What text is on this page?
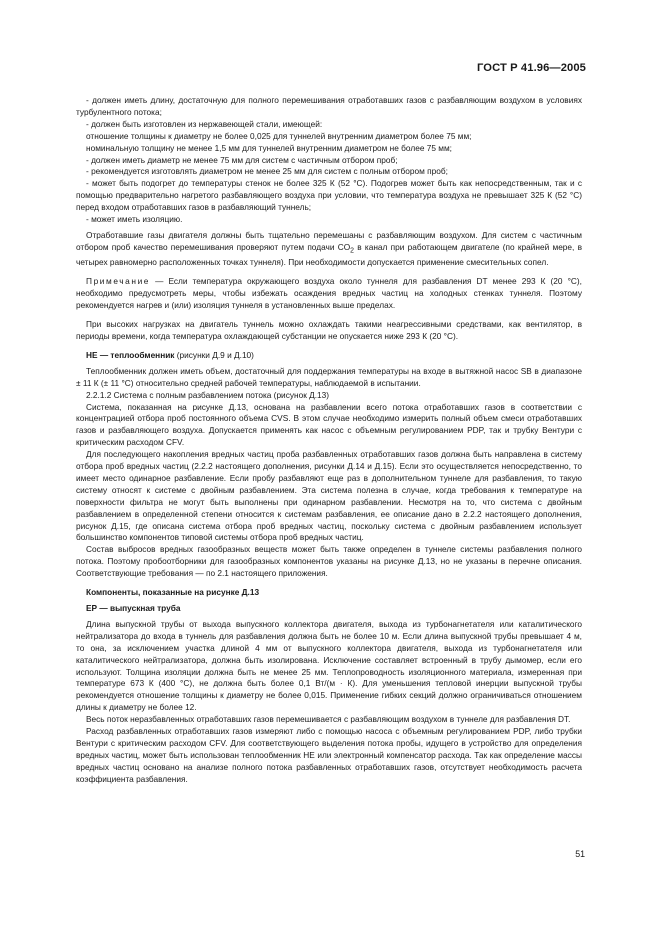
ГОСТ Р 41.96—2005

- должен иметь длину, достаточную для полного перемешивания отработавших газов с разбавляющим воздухом в условиях турбулентного потока;

- должен быть изготовлен из нержавеющей стали, имеющей:

отношение толщины к диаметру не более 0,025 для туннелей внутренним диаметром более 75 мм;

номинальную толщину не менее 1,5 мм для туннелей внутренним диаметром не более 75 мм;

- должен иметь диаметр не менее 75 мм для систем с частичным отбором проб;

- рекомендуется изготовлять диаметром не менее 25 мм для систем с полным отбором проб;

- может быть подогрет до температуры стенок не более 325 К (52 °С). Подогрев может быть как непосредственным, так и с помощью предварительно нагретого разбавляющего воздуха при условии, что температура воздуха не превышает 325 К (52 °С) перед входом отработавших газов в разбавляющий туннель;

- может иметь изоляцию.

Отработавшие газы двигателя должны быть тщательно перемешаны с разбавляющим воздухом. Для систем с частичным отбором проб качество перемешивания проверяют путем подачи $CO_2$ в канал при работающем двигателе (по крайней мере, в четырех равномерно расположенных точках туннеля). При необходимости допускается применение смесительных сопел.

Примечание — Если температура окружающего воздуха около туннеля для разбавления DT менее 293 К (20 °С), необходимо предусмотреть меры, чтобы избежать осаждения вредных частиц на холодных стенках туннеля. Поэтому рекомендуется нагрев и (или) изоляция туннеля в установленных выше пределах.

При высоких нагрузках на двигатель туннель можно охлаждать такими неагрессивными средствами, как вентилятор, в периоды времени, когда температура охлаждающей субстанции не опускается ниже 293 К (20 °С).

HE — теплообменник (рисунки Д.9 и Д.10)

Теплообменник должен иметь объем, достаточный для поддержания температуры на входе в вытяжной насос SB в диапазоне ± 11 К (± 11 °С) относительно средней рабочей температуры, наблюдаемой в испытании.

2.2.1.2 Система с полным разбавлением потока (рисунок Д.13)

Система, показанная на рисунке Д.13, основана на разбавлении всего потока отработавших газов в соответствии с концентрацией отбора проб постоянного объема CVS. В этом случае необходимо измерить полный объем смеси отработавших газов и разбавляющего воздуха. Допускается применять как насос с объемным регулированием PDP, так и трубку Вентури с критическим расходом CFV.

Для последующего накопления вредных частиц проба разбавленных отработавших газов должна быть направлена в систему отбора проб вредных частиц (2.2.2 настоящего дополнения, рисунки Д.14 и Д.15). Если это осуществляется непосредственно, то имеет место одинарное разбавление. Если пробу разбавляют еще раз в дополнительном туннеле для разбавления, то такую систему относят к системе с двойным разбавлением. Эта система полезна в случае, когда требования к температуре на поверхности фильтра не могут быть выполнены при одинарном разбавлении. Несмотря на то, что система с двойным разбавлением в определенной степени относится к системам разбавления, ее описание дано в 2.2.2 настоящего дополнения, рисунок Д.15, где описана система отбора проб вредных частиц, поскольку система с двойным разбавлением использует большинство компонентов типовой системы отбора проб вредных частиц.

Состав выбросов вредных газообразных веществ может быть также определен в туннеле системы разбавления полного потока. Поэтому пробоотборники для газообразных компонентов указаны на рисунке Д.13, но не указаны в перечне описания. Соответствующие требования — по 2.1 настоящего приложения.

Компоненты, показанные на рисунке Д.13

ЕР — выпускная труба

Длина выпускной трубы от выхода выпускного коллектора двигателя, выхода из турбонагнетателя или каталитического нейтрализатора до входа в туннель для разбавления должна быть не более 10 м. Если длина выпускной трубы превышает 4 м, то она, за исключением участка длиной 4 мм от выпускного коллектора двигателя, выхода из турбонагнетателя или каталитического нейтрализатора, должна быть изолирована. Исключение составляет встроенный в трубу дымомер, если его используют. Толщина изоляции должна быть не менее 25 мм. Теплопроводность изоляционного материала, измеренная при температуре 673 К (400 °С), не должна быть более 0,1 Вт/(м · К). Для уменьшения тепловой инерции выпускной трубы рекомендуется отношение толщины к диаметру не более 0,015. Применение гибких секций должно ограничиваться отношением длины к диаметру не более 12.

Весь поток неразбавленных отработавших газов перемешивается с разбавляющим воздухом в туннеле для разбавления DT.

Расход разбавленных отработавших газов измеряют либо с помощью насоса с объемным регулированием PDP, либо трубки Вентури с критическим расходом CFV. Для соответствующего выделения потока пробы, идущего в устройство для определения вредных частиц, может быть использован теплообменник HE или электронный компенсатор расхода. Так как определение массы вредных частиц основано на анализе полного потока разбавленных отработавших газов, отсутствует необходимость расчета коэффициента разбавления.

51
